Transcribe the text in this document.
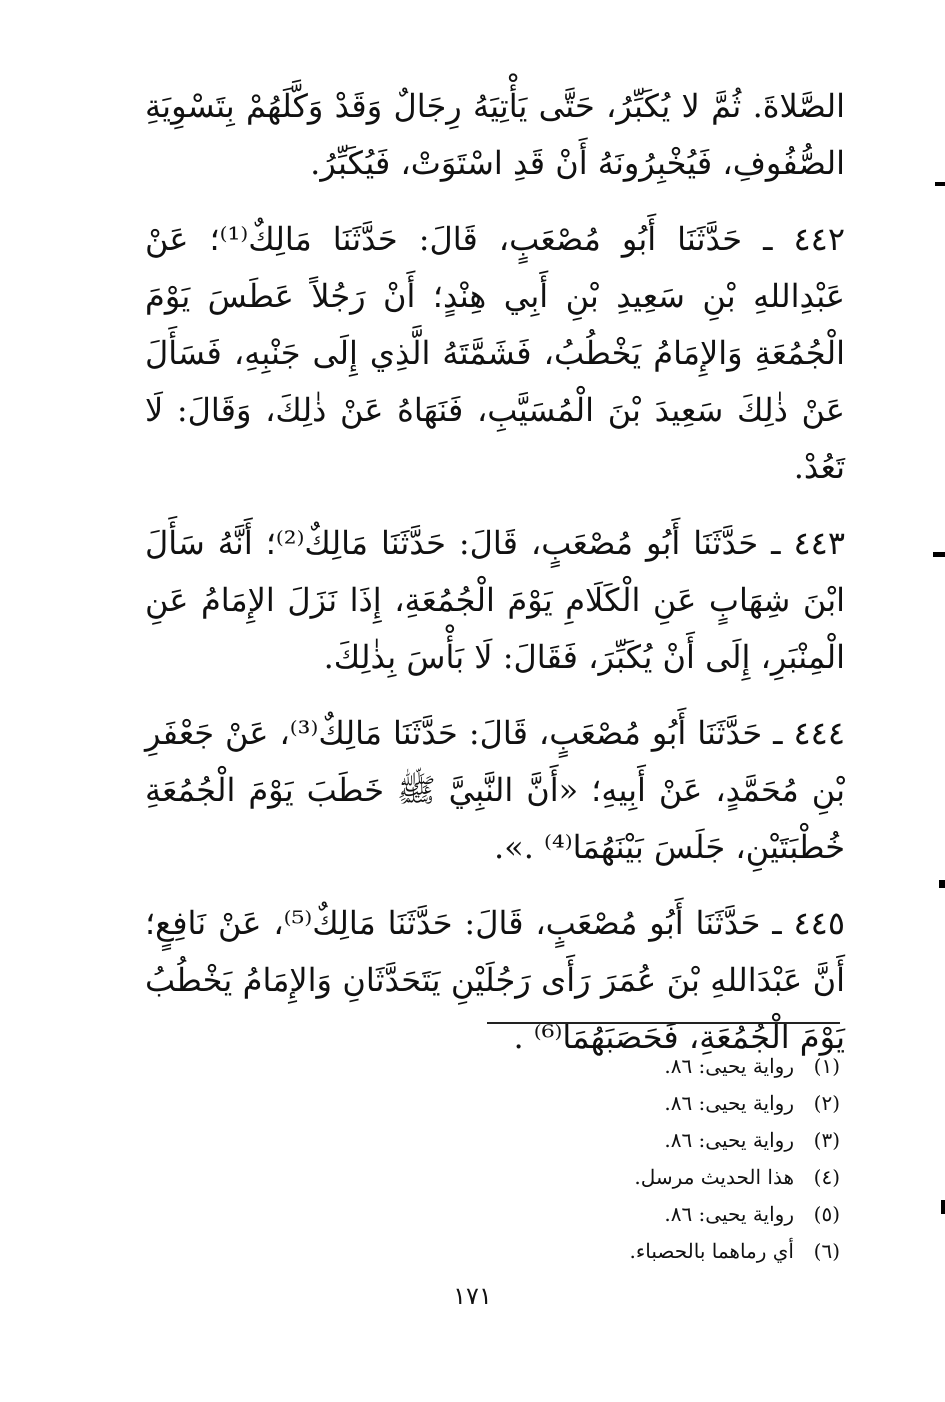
الصَّلاةَ. ثُمَّ لا يُكَبِّرُ، حَتَّى يَأْتِيَهُ رِجَالٌ وَقَدْ وَكَّلَهُمْ بِتَسْوِيَةِ الصُّفُوفِ، فَيُخْبِرُونَهُ أَنْ قَدِ اسْتَوَتْ، فَيُكَبِّرُ.

٤٤٢ ـ حَدَّثَنَا أَبُو مُصْعَبٍ، قَالَ: حَدَّثَنَا مَالِكٌ⁽¹⁾؛ عَنْ عَبْدِاللهِ بْنِ سَعِيدِ بْنِ أَبِي هِنْدٍ؛ أَنْ رَجُلاً عَطَسَ يَوْمَ الْجُمُعَةِ وَالإِمَامُ يَخْطُبُ، فَشَمَّتَهُ الَّذِي إِلَى جَنْبِهِ، فَسَأَلَ عَنْ ذٰلِكَ سَعِيدَ بْنَ الْمُسَيَّبِ، فَنَهَاهُ عَنْ ذٰلِكَ، وَقَالَ: لَا تَعُدْ.

٤٤٣ ـ حَدَّثَنَا أَبُو مُصْعَبٍ، قَالَ: حَدَّثَنَا مَالِكٌ⁽²⁾؛ أَنَّهُ سَأَلَ ابْنَ شِهَابٍ عَنِ الْكَلَامِ يَوْمَ الْجُمُعَةِ، إِذَا نَزَلَ الإِمَامُ عَنِ الْمِنْبَرِ، إِلَى أَنْ يُكَبِّرَ، فَقَالَ: لَا بَأْسَ بِذٰلِكَ.

٤٤٤ ـ حَدَّثَنَا أَبُو مُصْعَبٍ، قَالَ: حَدَّثَنَا مَالِكٌ⁽³⁾، عَنْ جَعْفَرِ بْنِ مُحَمَّدٍ، عَنْ أَبِيهِ؛ «أَنَّ النَّبِيَّ ﷺ خَطَبَ يَوْمَ الْجُمُعَةِ خُطْبَتَيْنِ، جَلَسَ بَيْنَهُمَا⁽⁴⁾ .».

٤٤٥ ـ حَدَّثَنَا أَبُو مُصْعَبٍ، قَالَ: حَدَّثَنَا مَالِكٌ⁽⁵⁾، عَنْ نَافِعٍ؛ أَنَّ عَبْدَاللهِ بْنَ عُمَرَ رَأَى رَجُلَيْنِ يَتَحَدَّثَانِ وَالإِمَامُ يَخْطُبُ يَوْمَ الْجُمُعَةِ، فَحَصَبَهُمَا⁽⁶⁾ .

(١)
رواية يحيى: ٨٦.
(٢)
رواية يحيى: ٨٦.
(٣)
رواية يحيى: ٨٦.
(٤)
هذا الحديث مرسل.
(٥)
رواية يحيى: ٨٦.
(٦)
أي رماهما بالحصباء.
١٧١
